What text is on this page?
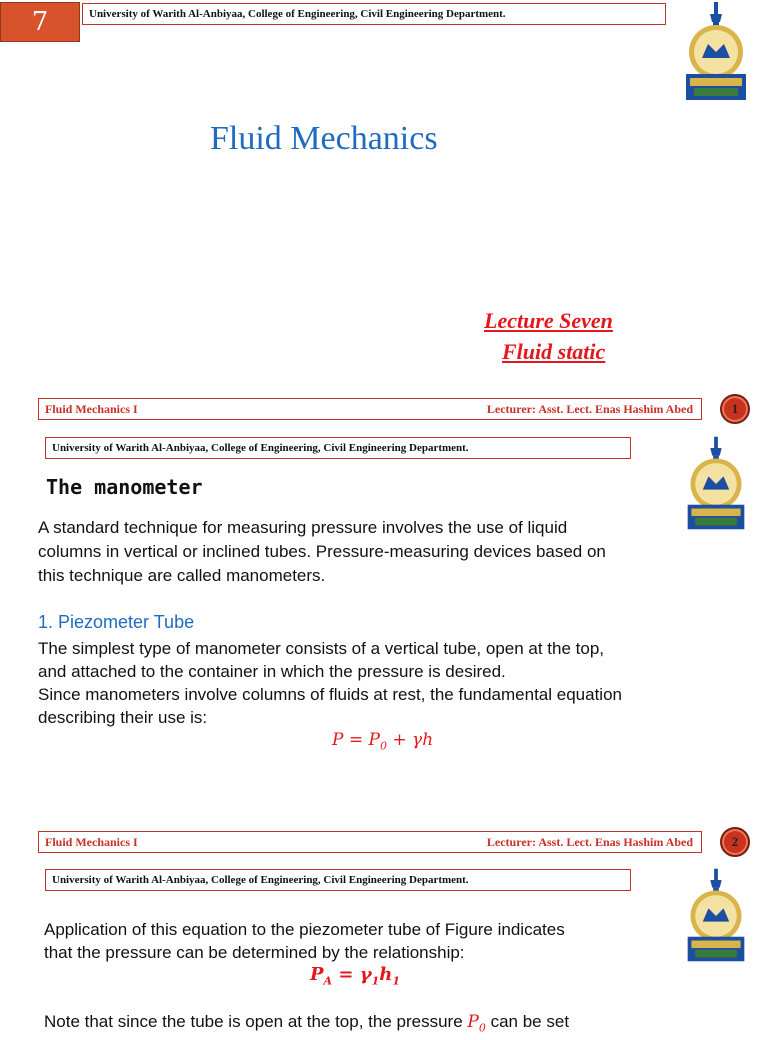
7	University of Warith Al-Anbiyaa, College of Engineering, Civil Engineering Department.
Fluid Mechanics
Lecture Seven
Fluid static
Fluid Mechanics I	Lecturer: Asst. Lect. Enas Hashim Abed	1
University of Warith Al-Anbiyaa, College of Engineering, Civil Engineering Department.
The manometer
A standard technique for measuring pressure involves the use of liquid
columns in vertical or inclined tubes. Pressure-measuring devices based on
this technique are called manometers.
1. Piezometer Tube
The simplest type of manometer consists of a vertical tube, open at the top,
and attached to the container in which the pressure is desired.
Since manometers involve columns of fluids at rest, the fundamental equation
describing their use is:
$P = P_0 + \gamma h$
Fluid Mechanics I	Lecturer: Asst. Lect. Enas Hashim Abed	2
University of Warith Al-Anbiyaa, College of Engineering, Civil Engineering Department.
Application of this equation to the piezometer tube of Figure indicates
that the pressure can be determined by the relationship:
$P_A = \gamma_1h_1$
Note that since the tube is open at the top, the pressure $P_0$ can be set
